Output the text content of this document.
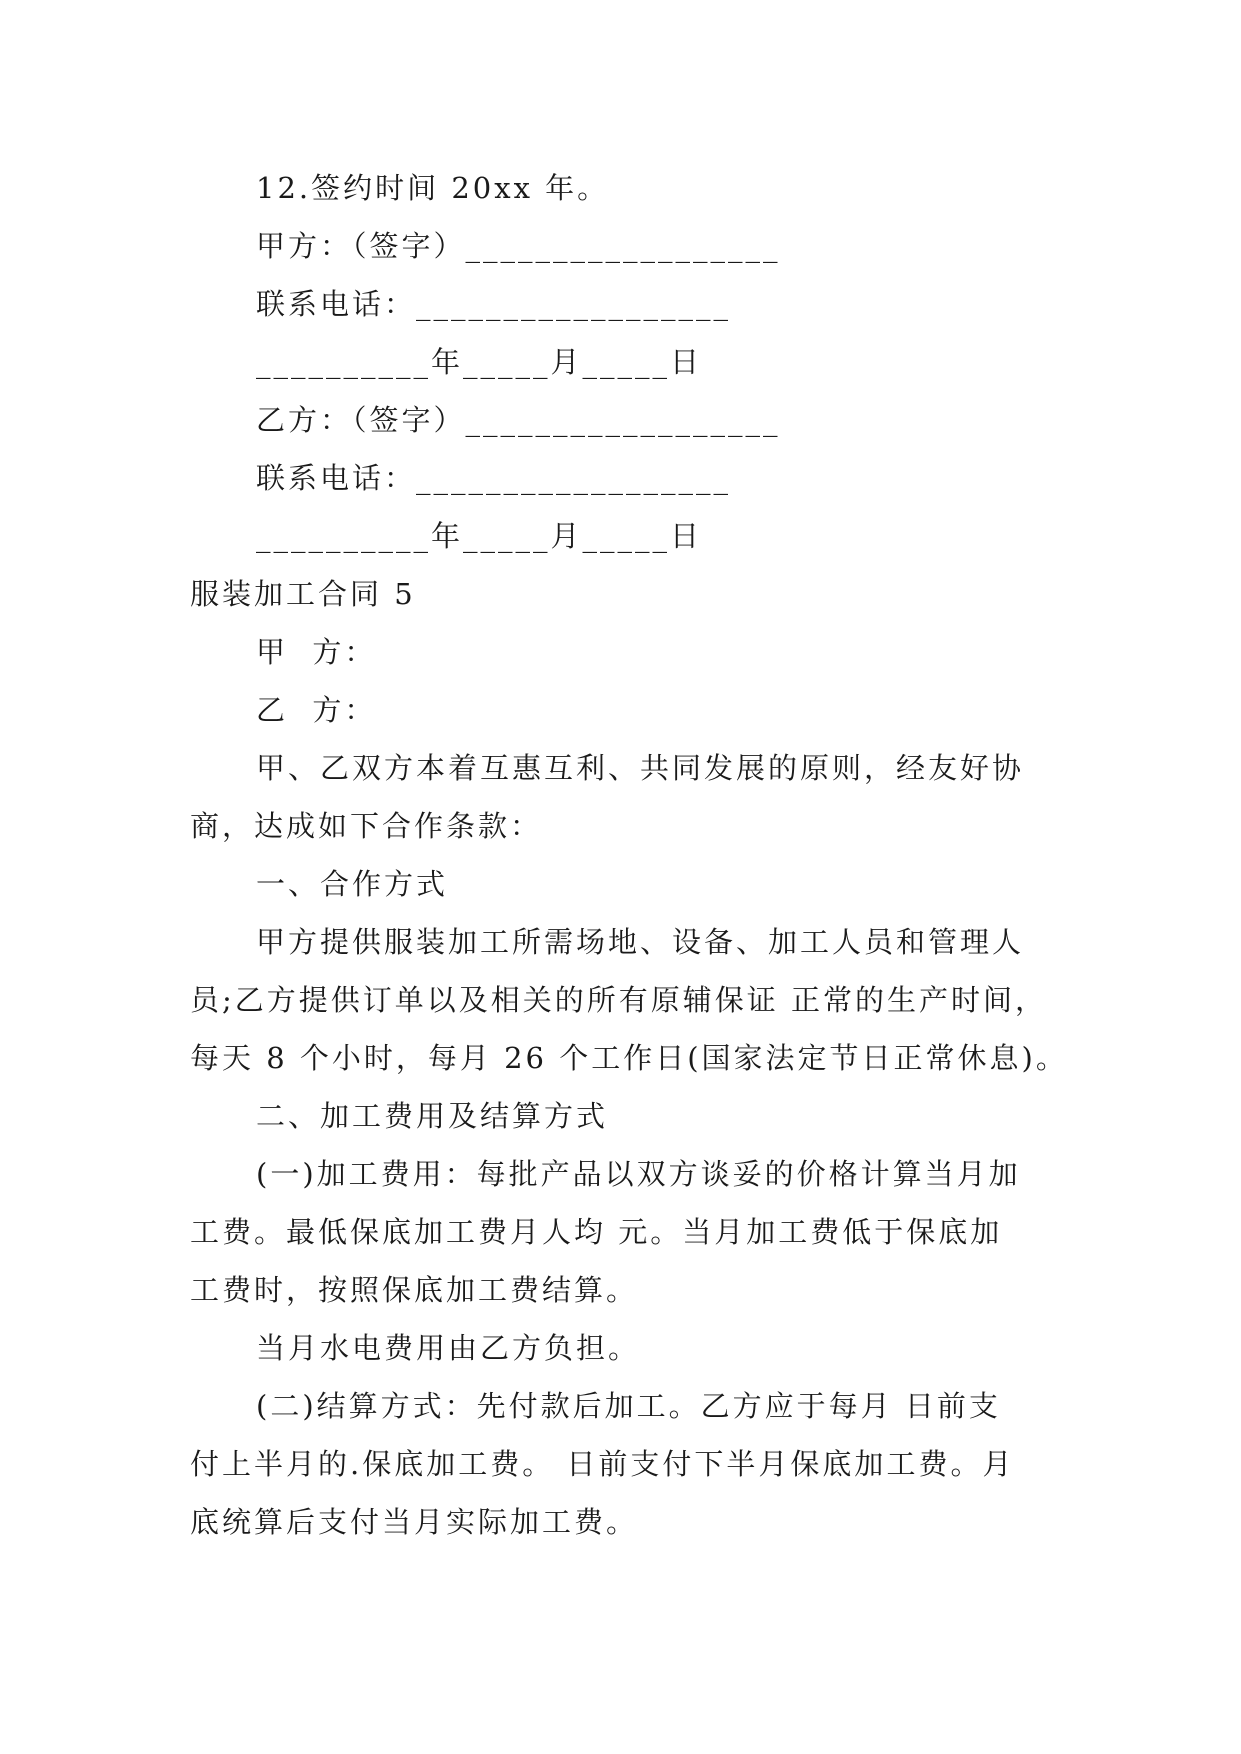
12.签约时间 20xx 年。

甲方：（签字）__________________

联系电话：__________________

__________年_____月_____日

乙方：（签字）__________________

联系电话：__________________

__________年_____月_____日

服装加工合同 5

甲  方：

乙  方：

甲、乙双方本着互惠互利、共同发展的原则，经友好协

商，达成如下合作条款：

一、合作方式

甲方提供服装加工所需场地、设备、加工人员和管理人

员;乙方提供订单以及相关的所有原辅保证 正常的生产时间，

每天 8 个小时，每月 26 个工作日(国家法定节日正常休息)。

二、加工费用及结算方式

(一)加工费用：每批产品以双方谈妥的价格计算当月加

工费。最低保底加工费月人均 元。当月加工费低于保底加

工费时，按照保底加工费结算。

当月水电费用由乙方负担。

(二)结算方式：先付款后加工。乙方应于每月 日前支

付上半月的.保底加工费。 日前支付下半月保底加工费。月

底统算后支付当月实际加工费。
